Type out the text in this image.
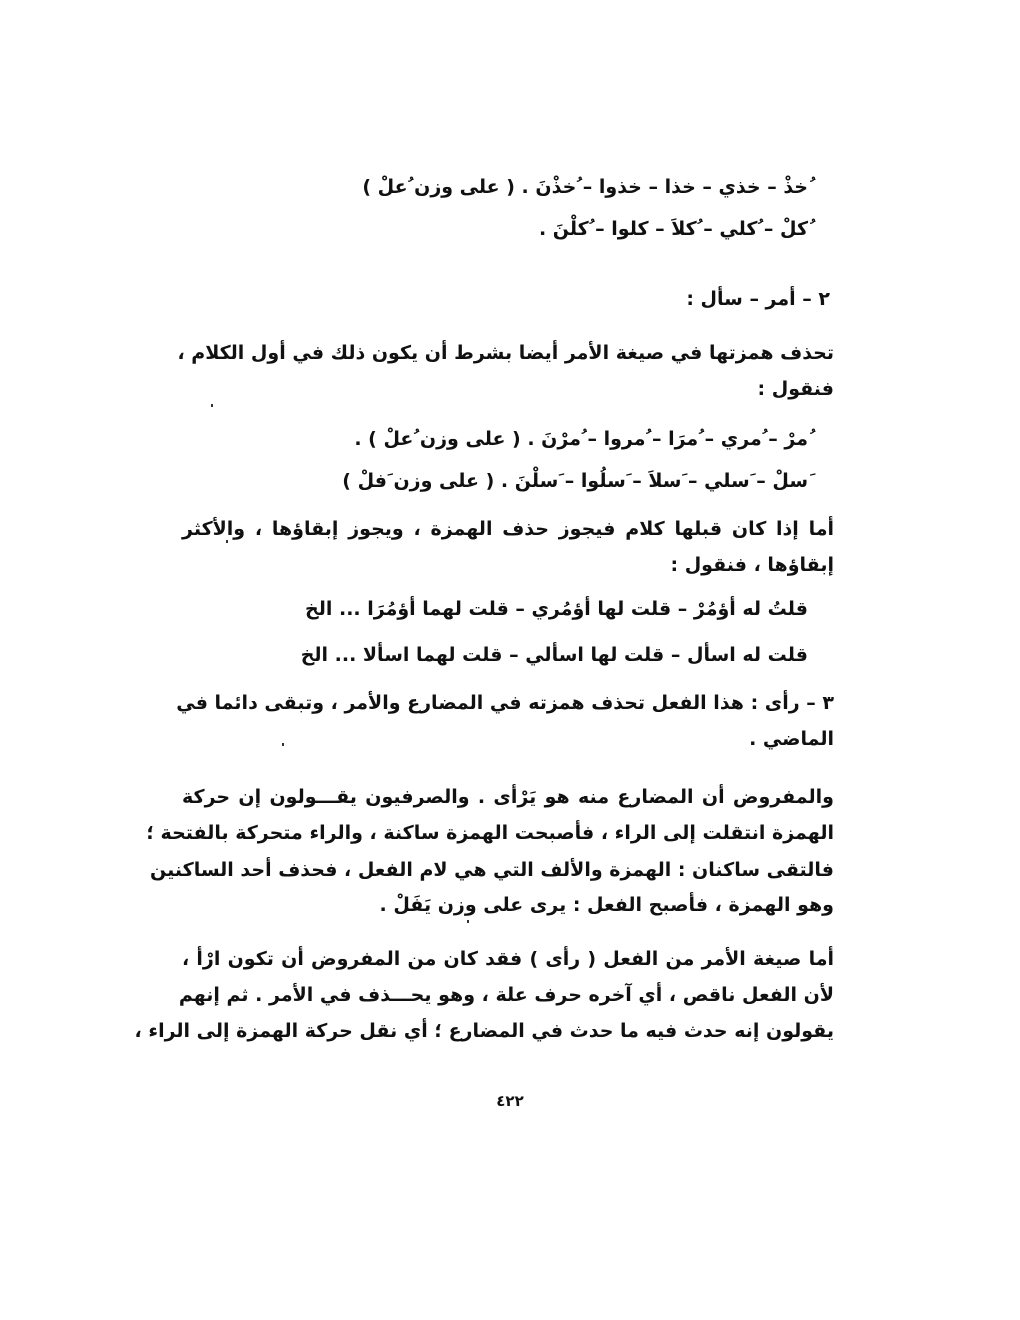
ُخذْ – خذي – خذا – خذوا – ُخذْنَ . ( على وزن ُعلْ )
ُكلْ – ُكلي – ُكلاَ – كلوا – ُكلْنَ .
٢ – أمر – سأل :
تحذف همزتها في صيغة الأمر أيضا بشرط أن يكون ذلك في أول الكلام ،
فنقول :
ُمرْ – ُمري – ُمرَا – ُمروا – ُمرْنَ . ( على وزن ُعلْ ) .
َسلْ – َسلي – َسلاَ – َسلُوا – َسلْنَ . ( على وزن َفلْ )
أما إذا كان قبلها كلام فيجوز حذف الهمزة ، ويجوز إبقاؤها ، والأكثر
إبقاؤها ، فنقول :
قلتُ له أؤمُرْ – قلت لها أؤمُري – قلت لهما أؤمُرَا ... الخ
قلت له اسأل – قلت لها اسألي – قلت لهما اسألا ... الخ
٣ – رأى : هذا الفعل تحذف همزته في المضارع والأمر ، وتبقى دائما في
الماضي .
والمفروض أن المضارع منه هو يَرْأى . والصرفيون يقـــولون إن حركة
الهمزة انتقلت إلى الراء ، فأصبحت الهمزة ساكنة ، والراء متحركة بالفتحة ؛
فالتقى ساكنان : الهمزة والألف التي هي لام الفعل ، فحذف أحد الساكنين
وهو الهمزة ، فأصبح الفعل : يرى على وزن يَفَلْ .
أما صيغة الأمر من الفعل ( رأى ) فقد كان من المفروض أن تكون ارْأ ،
لأن الفعل ناقص ، أي آخره حرف علة ، وهو يحـــذف في الأمر . ثم إنهم
يقولون إنه حدث فيه ما حدث في المضارع ؛ أي نقل حركة الهمزة إلى الراء ،
٤٢٢
